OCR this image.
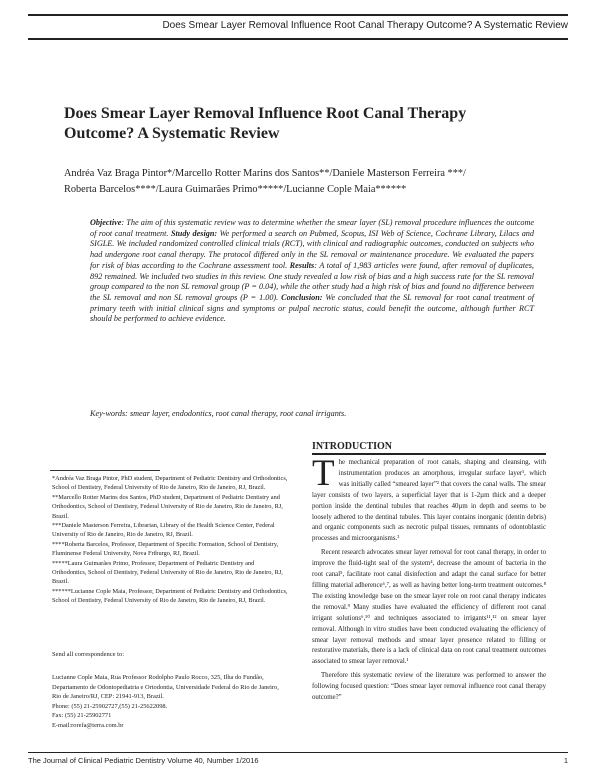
Does Smear Layer Removal Influence Root Canal Therapy Outcome? A Systematic Review
Does Smear Layer Removal Influence Root Canal Therapy Outcome? A Systematic Review
Andréa Vaz Braga Pintor*/Marcello Rotter Marins dos Santos**/Daniele Masterson Ferreira ***/
Roberta Barcelos****/Laura Guimarães Primo*****/Lucianne Cople Maia******
Objective: The aim of this systematic review was to determine whether the smear layer (SL) removal procedure influences the outcome of root canal treatment. Study design: We performed a search on Pubmed, Scopus, ISI Web of Science, Cochrane Library, Lilacs and SIGLE. We included randomized controlled clinical trials (RCT), with clinical and radiographic outcomes, conducted on subjects who had undergone root canal therapy. The protocol differed only in the SL removal or maintenance procedure. We evaluated the papers for risk of bias according to the Cochrane assessment tool. Results: A total of 1,983 articles were found, after removal of duplicates, 892 remained. We included two studies in this review. One study revealed a low risk of bias and a high success rate for the SL removal group compared to the non SL removal group (P = 0.04), while the other study had a high risk of bias and found no difference between the SL removal and non SL removal groups (P = 1.00). Conclusion: We concluded that the SL removal for root canal treatment of primary teeth with initial clinical signs and symptoms or pulpal necrotic status, could benefit the outcome, although further RCT should be performed to achieve evidence.
Key-words: smear layer, endodontics, root canal therapy, root canal irrigants.
INTRODUCTION

The mechanical preparation of root canals, shaping and cleansing, with instrumentation produces an amorphous, irregular surface layer¹, which was initially called “smeared layer”² that covers the canal walls. The smear layer consists of two layers, a superficial layer that is 1-2µm thick and a deeper portion inside the dentinal tubules that reaches 40µm in depth and seems to be loosely adhered to the dentinal tubules. This layer contains inorganic (dentin debris) and organic components such as necrotic pulpal tissues, remnants of odontoblastic processes and microorganisms.³

Recent research advocates smear layer removal for root canal therapy, in order to improve the fluid-tight seal of the system⁴, decrease the amount of bacteria in the root canal⁵, facilitate root canal disinfection and adapt the canal surface for better filling material adherence⁶,⁷, as well as having better long-term treatment outcomes.⁸ The existing knowledge base on the smear layer role on root canal therapy indicates the removal.⁹ Many studies have evaluated the efficiency of different root canal irrigant solutions⁶,¹⁰ and techniques associated to irrigants¹¹,¹² on smear layer removal. Although in vitro studies have been conducted evaluating the efficiency of smear layer removal methods and smear layer presence related to filling or restorative materials, there is a lack of clinical data on root canal treatment outcomes associated to smear layer removal.¹

Therefore this systematic review of the literature was performed to answer the following focused question: “Does smear layer removal influence root canal therapy outcome?”

*Andréa Vaz Braga Pintor, PhD student, Department of Pediatric Dentistry and Orthodontics, School of Dentistry, Federal University of Rio de Janeiro, Rio de Janeiro, RJ, Brazil.

**Marcello Rotter Marins dos Santos, PhD student, Department of Pediatric Dentistry and Orthodontics, School of Dentistry, Federal University of Rio de Janeiro, Rio de Janeiro, RJ, Brazil.

***Daniele Masterson Ferreira, Librarian, Library of the Health Science Center, Federal University of Rio de Janeiro, Rio de Janeiro, RJ, Brazil.

****Roberta Barcelos, Professor, Department of Specific Formation, School of Dentistry, Fluminense Federal University, Nova Friburgo, RJ, Brazil.

*****Laura Guimarães Primo, Professor, Department of Pediatric Dentistry and Orthodontics, School of Dentistry, Federal University of Rio de Janeiro, Rio de Janeiro, RJ, Brazil.

******Lucianne Cople Maia, Professor, Department of Pediatric Dentistry and Orthodontics, School of Dentistry, Federal University of Rio de Janeiro, Rio de Janeiro, RJ, Brazil.

Send all correspondence to:

Lucianne Cople Maia, Rua Professor Rodolpho Paulo Rocco, 325, Ilha do Fundão, Departamento de Odontopediatria e Ortodontia, Universidade Federal do Rio de Janeiro, Rio de Janeiro/RJ, CEP: 21941-913, Brazil.

Phone: (55) 21-25902727,(55) 21-25622098.

Fax: (55) 21-25902771

E-mail:rorefa@terra.com.br

The Journal of Clinical Pediatric Dentistry Volume 40, Number 1/2016	1
